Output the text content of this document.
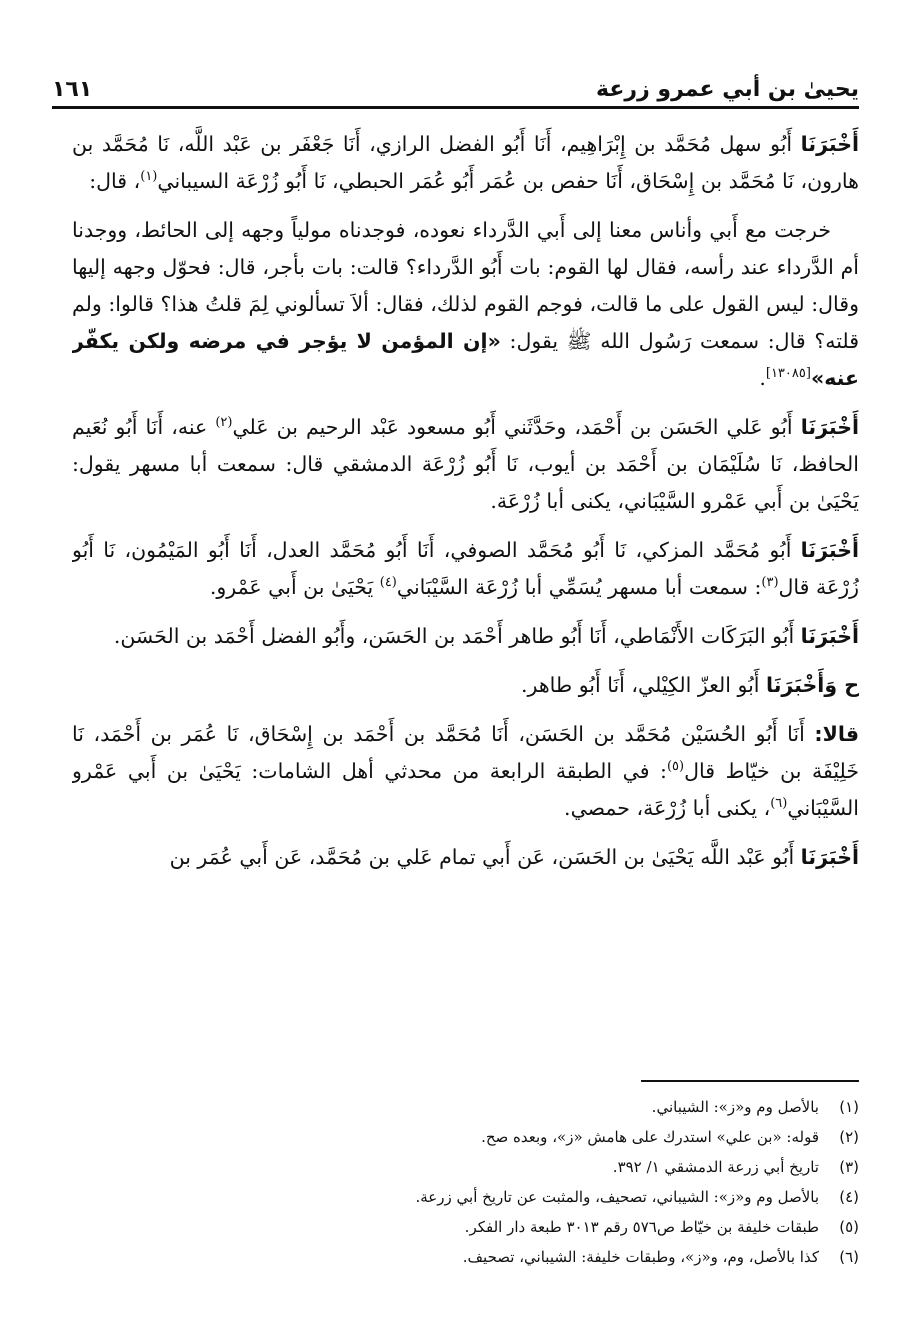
يحيىٰ بن أبي عمرو زرعة
١٦١

أَخْبَرَنَا أَبُو سهل مُحَمَّد بن إِبْرَاهِيم، أَنَا أَبُو الفضل الرازي، أَنَا جَعْفَر بن عَبْد اللَّه، نَا مُحَمَّد بن هارون، نَا مُحَمَّد بن إِسْحَاق، أَنَا حفص بن عُمَر أَبُو عُمَر الحبطي، نَا أَبُو زُرْعَة السيباني$^{(١)}$، قال:

خرجت مع أَبي وأناس معنا إلى أَبي الدَّرداء نعوده، فوجدناه مولياً وجهه إلى الحائط، ووجدنا أم الدَّرداء عند رأسه، فقال لها القوم: بات أَبُو الدَّرداء؟ قالت: بات بأجر، قال: فحوّل وجهه إليها وقال: ليس القول على ما قالت، فوجم القوم لذلك، فقال: ألاَ تسألوني لِمَ قلتُ هذا؟ قالوا: ولم قلته؟ قال: سمعت رَسُول الله ﷺ يقول: «إن المؤمن لا يؤجر في مرضه ولكن يكفّر عنه»[١٣٠٨٥].

أَخْبَرَنَا أَبُو عَلي الحَسَن بن أَحْمَد، وحَدَّثَني أَبُو مسعود عَبْد الرحيم بن عَلي$^{(٢)}$ عنه، أَنَا أَبُو نُعَيم الحافظ، نَا سُلَيْمَان بن أَحْمَد بن أيوب، نَا أَبُو زُرْعَة الدمشقي قال: سمعت أبا مسهر يقول: يَحْيَىٰ بن أَبي عَمْرو السَّيْبَاني، يكنى أبا زُرْعَة.

أَخْبَرَنَا أَبُو مُحَمَّد المزكي، نَا أَبُو مُحَمَّد الصوفي، أَنَا أَبُو مُحَمَّد العدل، أَنَا أَبُو المَيْمُون، نَا أَبُو زُرْعَة قال$^{(٣)}$: سمعت أبا مسهر يُسَمِّي أبا زُرْعَة السَّيْبَاني$^{(٤)}$ يَحْيَىٰ بن أَبي عَمْرو.

أَخْبَرَنَا أَبُو البَرَكَات الأَنْمَاطي، أَنَا أَبُو طاهر أَحْمَد بن الحَسَن، وأَبُو الفضل أَحْمَد بن الحَسَن.

ح وَأَخْبَرَنَا أَبُو العزّ الكِيْلي، أَنَا أَبُو طاهر.

قالا: أَنَا أَبُو الحُسَيْن مُحَمَّد بن الحَسَن، أَنَا مُحَمَّد بن أَحْمَد بن إِسْحَاق، نَا عُمَر بن أَحْمَد، نَا خَلِيْفَة بن خيّاط قال$^{(٥)}$: في الطبقة الرابعة من محدثي أهل الشامات: يَحْيَىٰ بن أَبي عَمْرو السَّيْبَاني$^{(٦)}$، يكنى أبا زُرْعَة، حمصي.

أَخْبَرَنَا أَبُو عَبْد اللَّه يَحْيَىٰ بن الحَسَن، عَن أَبي تمام عَلي بن مُحَمَّد، عَن أَبي عُمَر بن

(١)
بالأصل وم و«ز»: الشيباني.
(٢)
قوله: «بن علي» استدرك على هامش «ز»، وبعده صح.
(٣)
تاريخ أبي زرعة الدمشقي ١/ ٣٩٢.
(٤)
بالأصل وم و«ز»: الشيباني، تصحيف، والمثبت عن تاريخ أبي زرعة.
(٥)
طبقات خليفة بن خيّاط ص٥٧٦ رقم ٣٠١٣ طبعة دار الفكر.
(٦)
كذا بالأصل، وم، و«ز»، وطبقات خليفة: الشيباني، تصحيف.
